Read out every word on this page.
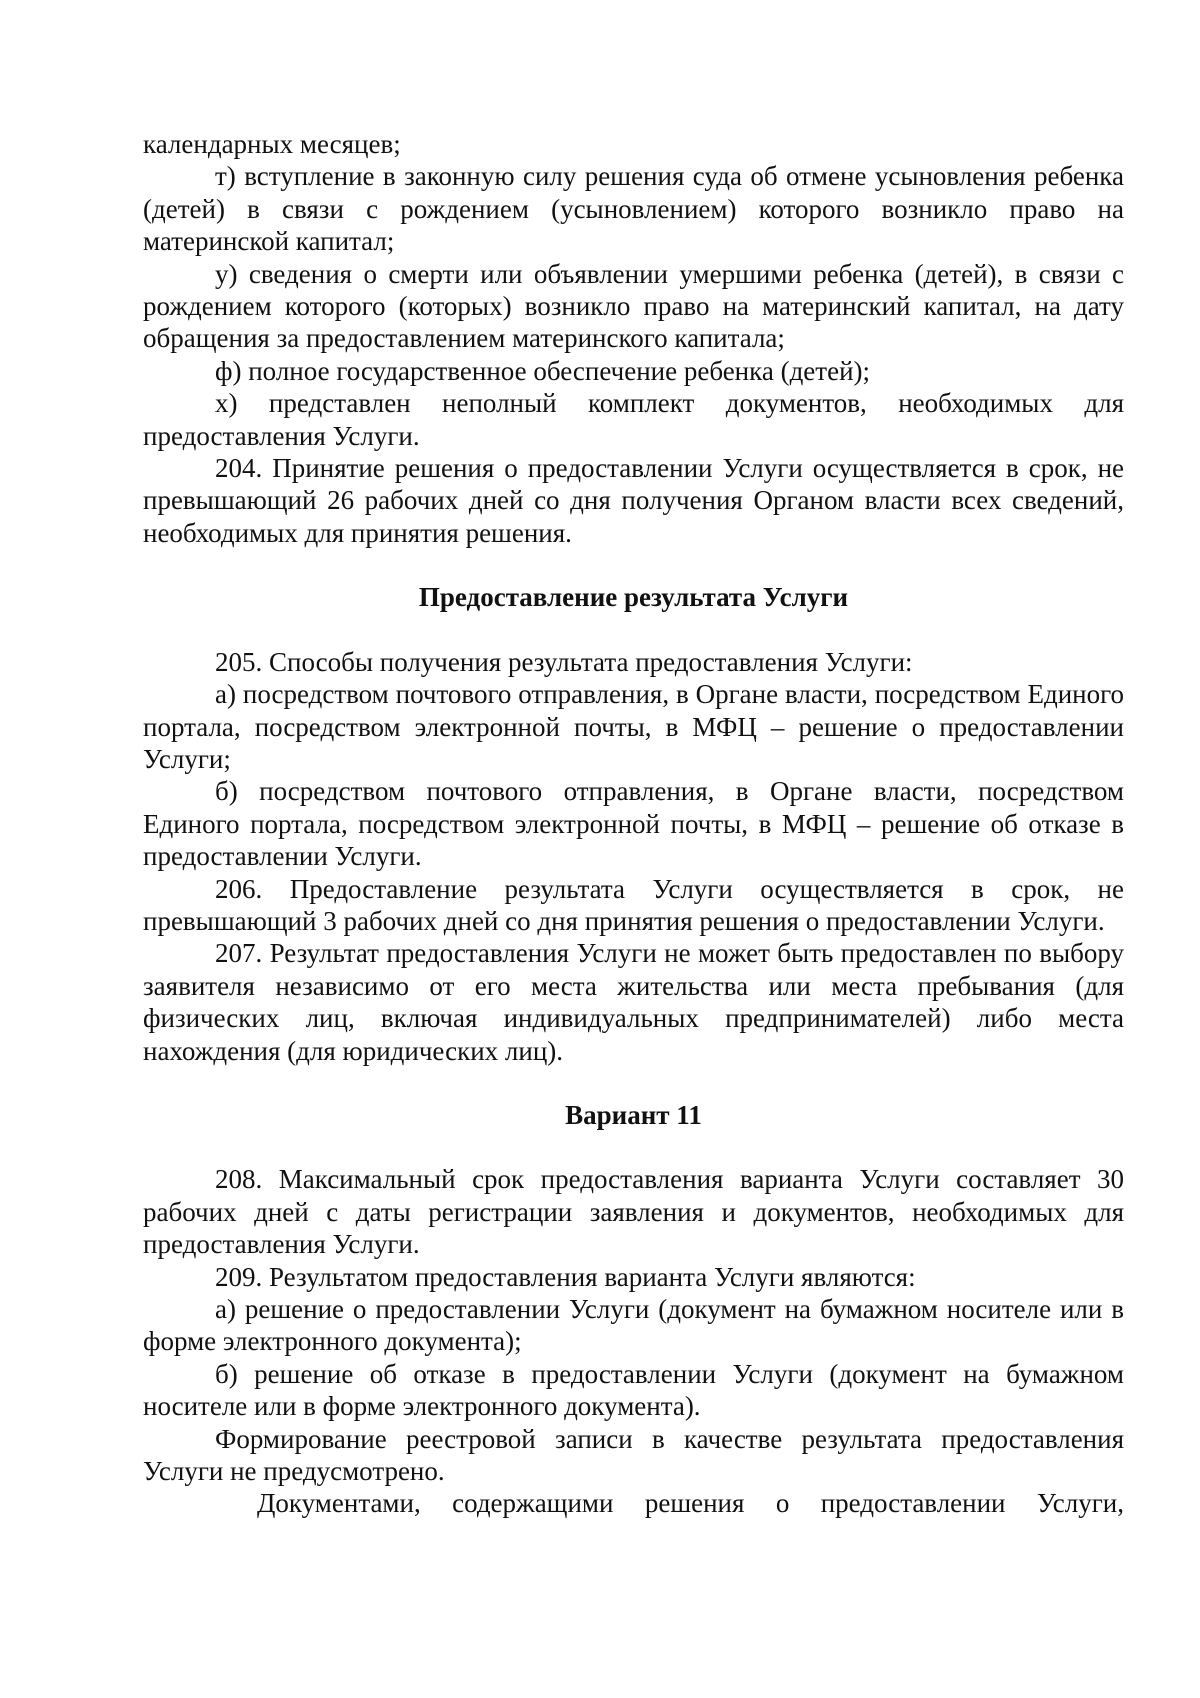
календарных месяцев;

т) вступление в законную силу решения суда об отмене усыновления ребенка (детей) в связи с рождением (усыновлением) которого возникло право на материнской капитал;

у) сведения о смерти или объявлении умершими ребенка (детей), в связи с рождением которого (которых) возникло право на материнский капитал, на дату обращения за предоставлением материнского капитала;

ф) полное государственное обеспечение ребенка (детей);

х) представлен неполный комплект документов, необходимых для предоставления Услуги.

204. Принятие решения о предоставлении Услуги осуществляется в срок, не превышающий 26 рабочих дней со дня получения Органом власти всех сведений, необходимых для принятия решения.

Предоставление результата Услуги

205. Способы получения результата предоставления Услуги:

а) посредством почтового отправления, в Органе власти, посредством Единого портала, посредством электронной почты, в МФЦ – решение о предоставлении Услуги;

б) посредством почтового отправления, в Органе власти, посредством Единого портала, посредством электронной почты, в МФЦ – решение об отказе в предоставлении Услуги.

206. Предоставление результата Услуги осуществляется в срок, не превышающий 3 рабочих дней со дня принятия решения о предоставлении Услуги.

207. Результат предоставления Услуги не может быть предоставлен по выбору заявителя независимо от его места жительства или места пребывания (для физических лиц, включая индивидуальных предпринимателей) либо места нахождения (для юридических лиц).

Вариант 11

208. Максимальный срок предоставления варианта Услуги составляет 30 рабочих дней с даты регистрации заявления и документов, необходимых для предоставления Услуги.

209. Результатом предоставления варианта Услуги являются:

а) решение о предоставлении Услуги (документ на бумажном носителе или в форме электронного документа);

б) решение об отказе в предоставлении Услуги (документ на бумажном носителе или в форме электронного документа).

Формирование реестровой записи в качестве результата предоставления Услуги не предусмотрено.

Документами, содержащими решения о предоставлении Услуги,
